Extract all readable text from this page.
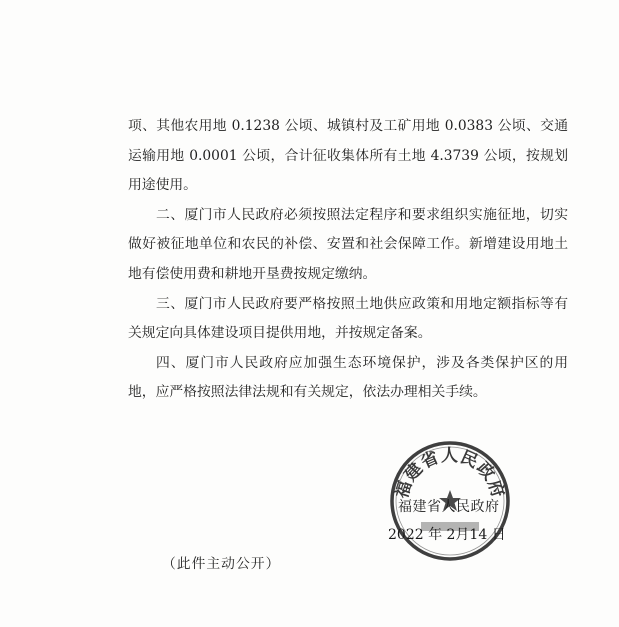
项、其他农用地 0.1238 公顷、城镇村及工矿用地 0.0383 公顷、交通运输用地 0.0001 公顷，合计征收集体所有土地 4.3739 公顷，按规划用途使用。

二、厦门市人民政府必须按照法定程序和要求组织实施征地，切实做好被征地单位和农民的补偿、安置和社会保障工作。新增建设用地土地有偿使用费和耕地开垦费按规定缴纳。

三、厦门市人民政府要严格按照土地供应政策和用地定额指标等有关规定向具体建设项目提供用地，并按规定备案。

四、厦门市人民政府应加强生态环境保护，涉及各类保护区的用地，应严格按照法律法规和有关规定，依法办理相关手续。

福建省人民政府
福建省人民政府
2022 年 2月14 日
（此件主动公开）
